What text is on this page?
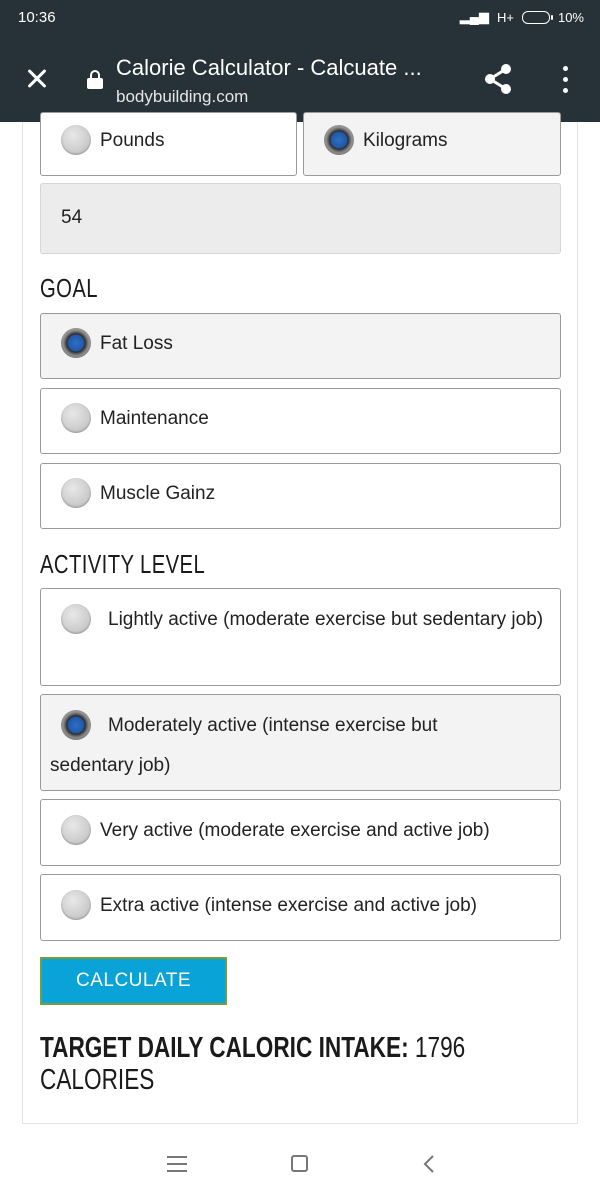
10:36	▂▄▆ H+	10%
Calorie Calculator - Calcuate ...
bodybuilding.com
Pounds	Kilograms
54
GOAL
Fat Loss
Maintenance
Muscle Gainz
ACTIVITY LEVEL
Lightly active (moderate exercise but sedentary job)
Moderately active (intense exercise but sedentary job)
Very active (moderate exercise and active job)
Extra active (intense exercise and active job)
CALCULATE
TARGET DAILY CALORIC INTAKE: 1796
CALORIES
